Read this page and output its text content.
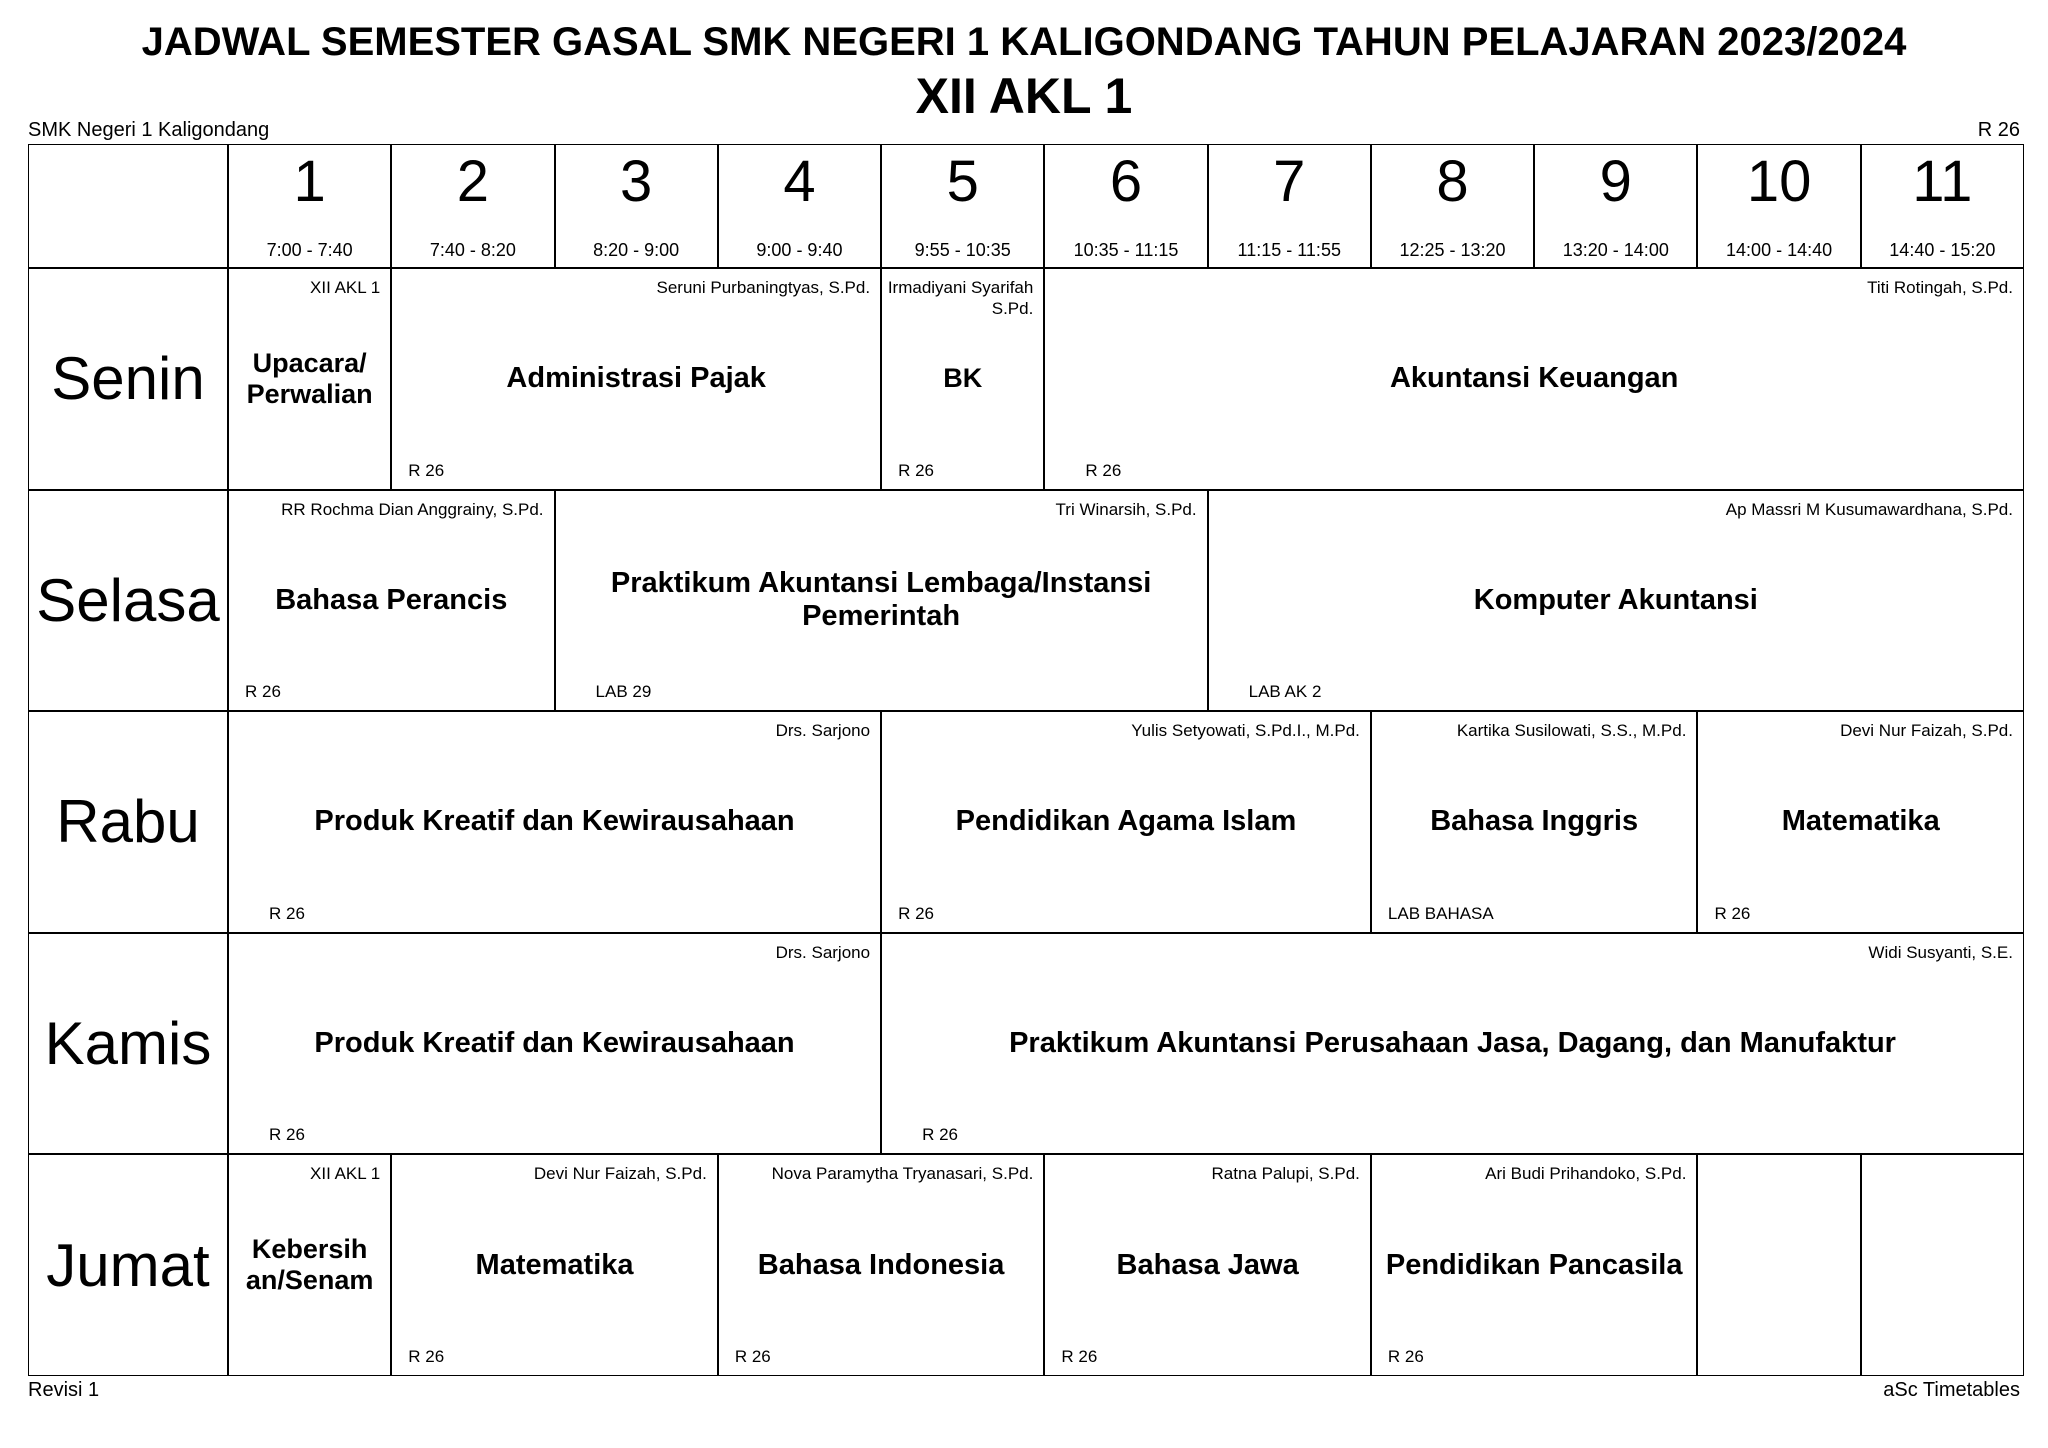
JADWAL SEMESTER GASAL SMK NEGERI 1 KALIGONDANG TAHUN PELAJARAN 2023/2024
XII AKL 1
SMK Negeri 1 Kaligondang	R 26
1
7:00 - 7:40
2
7:40 - 8:20
3
8:20 - 9:00
4
9:00 - 9:40
5
9:55 - 10:35
6
10:35 - 11:15
7
11:15 - 11:55
8
12:25 - 13:20
9
13:20 - 14:00
10
14:00 - 14:40
11
14:40 - 15:20
Senin
XII AKL 1
Upacara/ Perwalian
Seruni Purbaningtyas, S.Pd.
Administrasi Pajak
R 26
Irmadiyani Syarifah S.Pd.
BK
R 26
Titi Rotingah, S.Pd.
Akuntansi Keuangan
R 26
Selasa
RR Rochma Dian Anggrainy, S.Pd.
Bahasa Perancis
R 26
Tri Winarsih, S.Pd.
Praktikum Akuntansi Lembaga/Instansi Pemerintah
LAB 29
Ap Massri M Kusumawardhana, S.Pd.
Komputer Akuntansi
LAB AK 2
Rabu
Drs. Sarjono
Produk Kreatif dan Kewirausahaan
R 26
Yulis Setyowati, S.Pd.I., M.Pd.
Pendidikan Agama Islam
R 26
Kartika Susilowati, S.S., M.Pd.
Bahasa Inggris
LAB BAHASA
Devi Nur Faizah, S.Pd.
Matematika
R 26
Kamis
Drs. Sarjono
Produk Kreatif dan Kewirausahaan
R 26
Widi Susyanti, S.E.
Praktikum Akuntansi Perusahaan Jasa, Dagang, dan Manufaktur
R 26
Jumat
XII AKL 1
Kebersih an/Senam
Devi Nur Faizah, S.Pd.
Matematika
R 26
Nova Paramytha Tryanasari, S.Pd.
Bahasa Indonesia
R 26
Ratna Palupi, S.Pd.
Bahasa Jawa
R 26
Ari Budi Prihandoko, S.Pd.
Pendidikan Pancasila
R 26
Revisi 1	aSc Timetables
